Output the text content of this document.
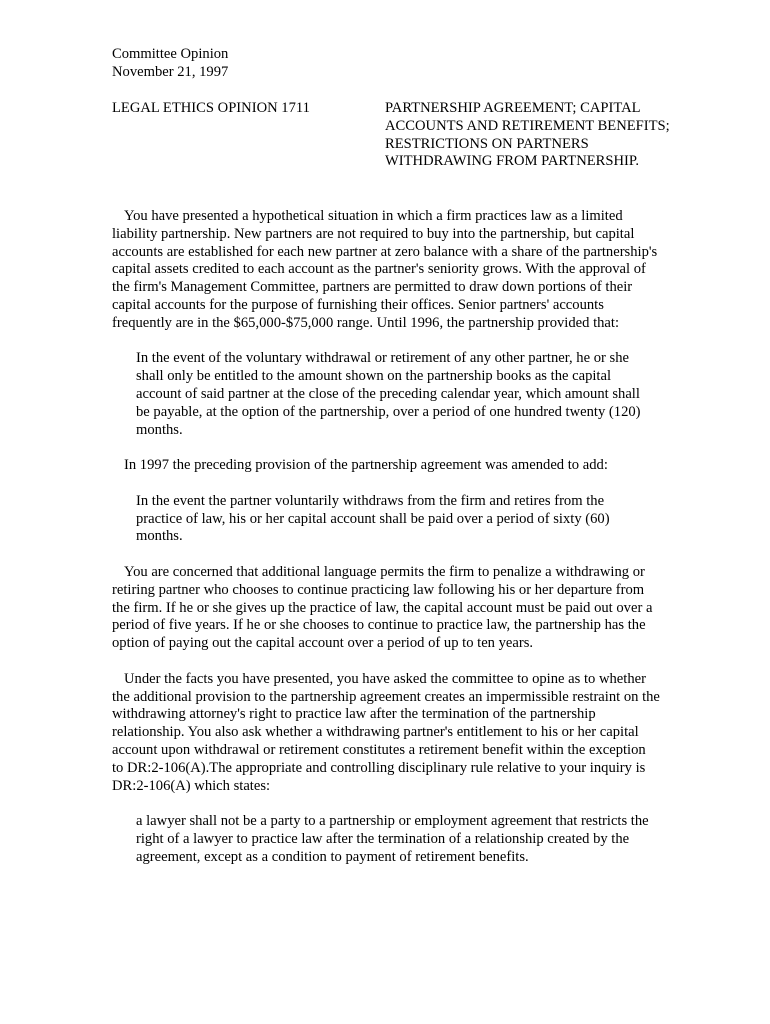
Committee Opinion
November 21, 1997
LEGAL ETHICS OPINION 1711	PARTNERSHIP AGREEMENT; CAPITAL ACCOUNTS AND RETIREMENT BENEFITS; RESTRICTIONS ON PARTNERS WITHDRAWING FROM PARTNERSHIP.

You have presented a hypothetical situation in which a firm practices law as a limited liability partnership. New partners are not required to buy into the partnership, but capital accounts are established for each new partner at zero balance with a share of the partnership's capital assets credited to each account as the partner's seniority grows. With the approval of the firm's Management Committee, partners are permitted to draw down portions of their capital accounts for the purpose of furnishing their offices. Senior partners' accounts frequently are in the $65,000-$75,000 range. Until 1996, the partnership provided that:

In the event of the voluntary withdrawal or retirement of any other partner, he or she shall only be entitled to the amount shown on the partnership books as the capital account of said partner at the close of the preceding calendar year, which amount shall be payable, at the option of the partnership, over a period of one hundred twenty (120) months.

In 1997 the preceding provision of the partnership agreement was amended to add:

In the event the partner voluntarily withdraws from the firm and retires from the practice of law, his or her capital account shall be paid over a period of sixty (60) months.

You are concerned that additional language permits the firm to penalize a withdrawing or retiring partner who chooses to continue practicing law following his or her departure from the firm. If he or she gives up the practice of law, the capital account must be paid out over a period of five years. If he or she chooses to continue to practice law, the partnership has the option of paying out the capital account over a period of up to ten years.

Under the facts you have presented, you have asked the committee to opine as to whether the additional provision to the partnership agreement creates an impermissible restraint on the withdrawing attorney's right to practice law after the termination of the partnership relationship. You also ask whether a withdrawing partner's entitlement to his or her capital account upon withdrawal or retirement constitutes a retirement benefit within the exception to DR:2-106(A).The appropriate and controlling disciplinary rule relative to your inquiry is DR:2-106(A) which states:

a lawyer shall not be a party to a partnership or employment agreement that restricts the right of a lawyer to practice law after the termination of a relationship created by the agreement, except as a condition to payment of retirement benefits.
